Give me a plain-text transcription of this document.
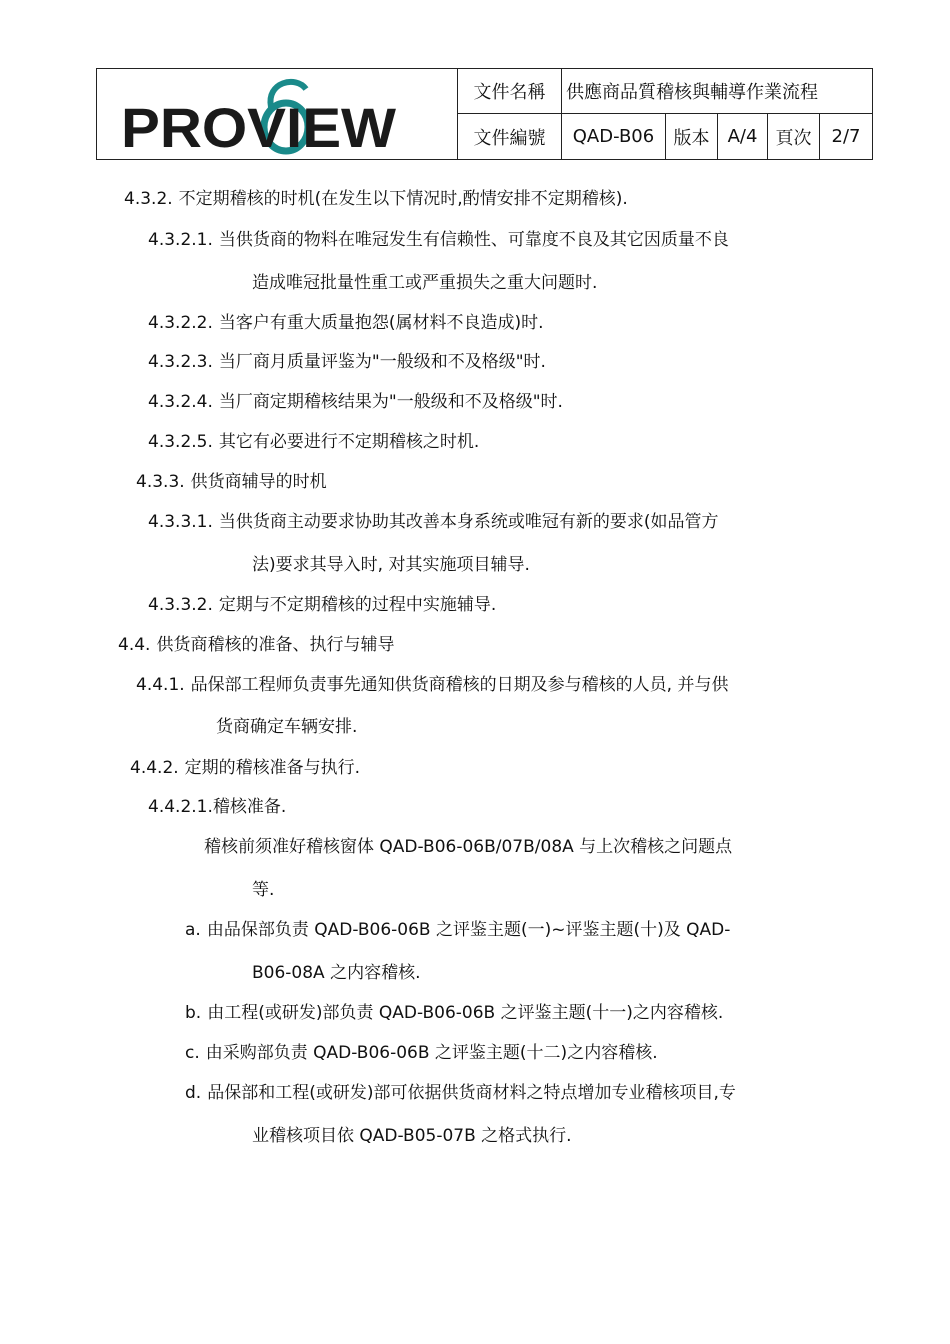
PROVIEW
文件名稱	供應商品質稽核與輔導作業流程
文件編號	QAD-B06	版本	A/4	頁次	2/7
4.3.2. 不定期稽核的时机(在发生以下情况时,酌情安排不定期稽核).
4.3.2.1. 当供货商的物料在唯冠发生有信赖性、可靠度不良及其它因质量不良
造成唯冠批量性重工或严重损失之重大问题时.
4.3.2.2. 当客户有重大质量抱怨(属材料不良造成)时.
4.3.2.3. 当厂商月质量评鉴为"一般级和不及格级"时.
4.3.2.4. 当厂商定期稽核结果为"一般级和不及格级"时.
4.3.2.5. 其它有必要进行不定期稽核之时机.
4.3.3. 供货商辅导的时机
4.3.3.1. 当供货商主动要求协助其改善本身系统或唯冠有新的要求(如品管方
法)要求其导入时, 对其实施项目辅导.
4.3.3.2. 定期与不定期稽核的过程中实施辅导.
4.4. 供货商稽核的准备、执行与辅导
4.4.1. 品保部工程师负责事先通知供货商稽核的日期及参与稽核的人员, 并与供
货商确定车辆安排.
4.4.2. 定期的稽核准备与执行.
4.4.2.1.稽核准备.
稽核前须准好稽核窗体 QAD-B06-06B/07B/08A 与上次稽核之问题点
等.
a. 由品保部负责 QAD-B06-06B 之评鉴主题(一)~评鉴主题(十)及 QAD-
B06-08A 之内容稽核.
b. 由工程(或研发)部负责 QAD-B06-06B 之评鉴主题(十一)之内容稽核.
c. 由采购部负责 QAD-B06-06B 之评鉴主题(十二)之内容稽核.
d. 品保部和工程(或研发)部可依据供货商材料之特点增加专业稽核项目,专
业稽核项目依 QAD-B05-07B 之格式执行.
